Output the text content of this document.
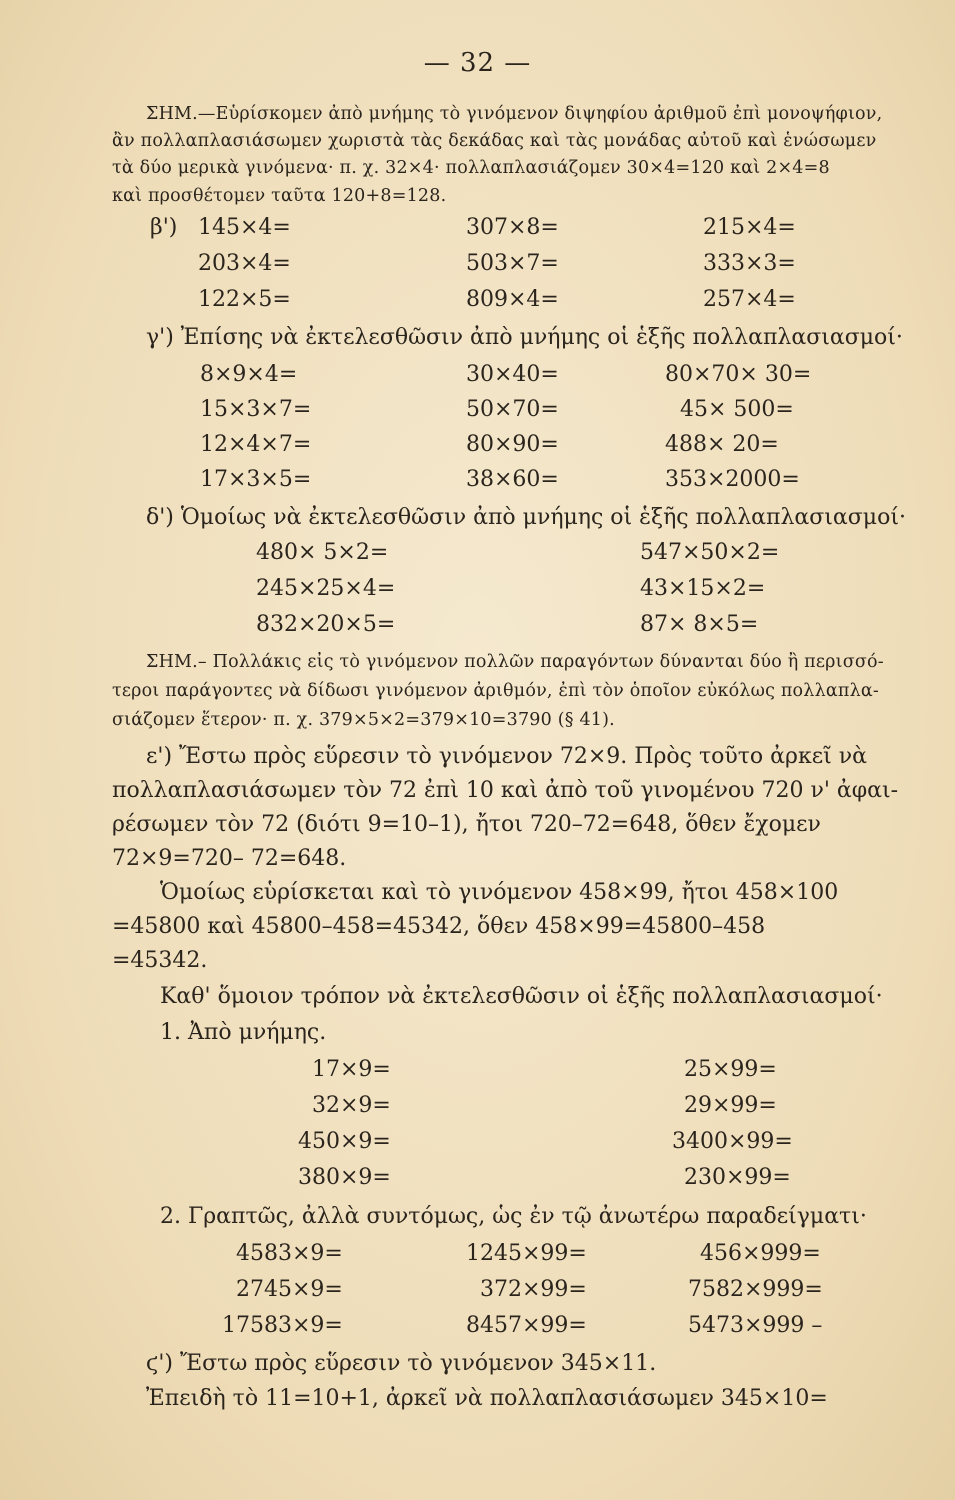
— 32 —
ΣΗΜ.—Εὑρίσκομεν ἀπὸ μνήμης τὸ γινόμενον διψηφίου ἀριθμοῦ ἐπὶ μονοψήφιον,
ἂν πολλαπλασιάσωμεν χωριστὰ τὰς δεκάδας καὶ τὰς μονάδας αὐτοῦ καὶ ἑνώσωμεν
τὰ δύο μερικὰ γινόμενα· π. χ. 32×4· πολλαπλασιάζομεν 30×4=120 καὶ 2×4=8
καὶ προσθέτομεν ταῦτα 120+8=128.
β') 145×4=	307×8=	215×4=
203×4=	503×7=	333×3=
122×5=	809×4=	257×4=
γ') Ἐπίσης νὰ ἐκτελεσθῶσιν ἀπὸ μνήμης οἱ ἑξῆς πολλαπλασιασμοί·
8×9×4=	30×40=	80×70× 30=
15×3×7=	50×70=	45× 500=
12×4×7=	80×90=	488× 20=
17×3×5=	38×60=	353×2000=
δ') Ὁμοίως νὰ ἐκτελεσθῶσιν ἀπὸ μνήμης οἱ ἑξῆς πολλαπλασιασμοί·
480× 5×2=	547×50×2=
245×25×4=	43×15×2=
832×20×5=	87× 8×5=
ΣΗΜ.– Πολλάκις εἰς τὸ γινόμενον πολλῶν παραγόντων δύνανται δύο ἢ περισσό-
τεροι παράγοντες νὰ δίδωσι γινόμενον ἀριθμόν, ἐπὶ τὸν ὁποῖον εὐκόλως πολλαπλα-
σιάζομεν ἕτερον· π. χ. 379×5×2=379×10=3790 (§ 41).
ε') Ἔστω πρὸς εὕρεσιν τὸ γινόμενον 72×9. Πρὸς τοῦτο ἀρκεῖ νὰ
πολλαπλασιάσωμεν τὸν 72 ἐπὶ 10 καὶ ἀπὸ τοῦ γινομένου 720 ν' ἀφαι-
ρέσωμεν τὸν 72 (διότι 9=10–1), ἤτοι 720–72=648, ὅθεν ἔχομεν
72×9=720– 72=648.
Ὁμοίως εὑρίσκεται καὶ τὸ γινόμενον 458×99, ἤτοι 458×100
=45800 καὶ 45800–458=45342, ὅθεν 458×99=45800–458
=45342.
Καθ' ὅμοιον τρόπον νὰ ἐκτελεσθῶσιν οἱ ἑξῆς πολλαπλασιασμοί·
1. Ἀπὸ μνήμης.
17×9=	25×99=
32×9=	29×99=
450×9=	3400×99=
380×9=	230×99=
2. Γραπτῶς, ἀλλὰ συντόμως, ὡς ἐν τῷ ἀνωτέρω παραδείγματι·
4583×9=	1245×99=	456×999=
2745×9=	372×99=	7582×999=
17583×9=	8457×99=	5473×999 –
ϛ') Ἔστω πρὸς εὕρεσιν τὸ γινόμενον 345×11.
Ἐπειδὴ τὸ 11=10+1, ἀρκεῖ νὰ πολλαπλασιάσωμεν 345×10=
